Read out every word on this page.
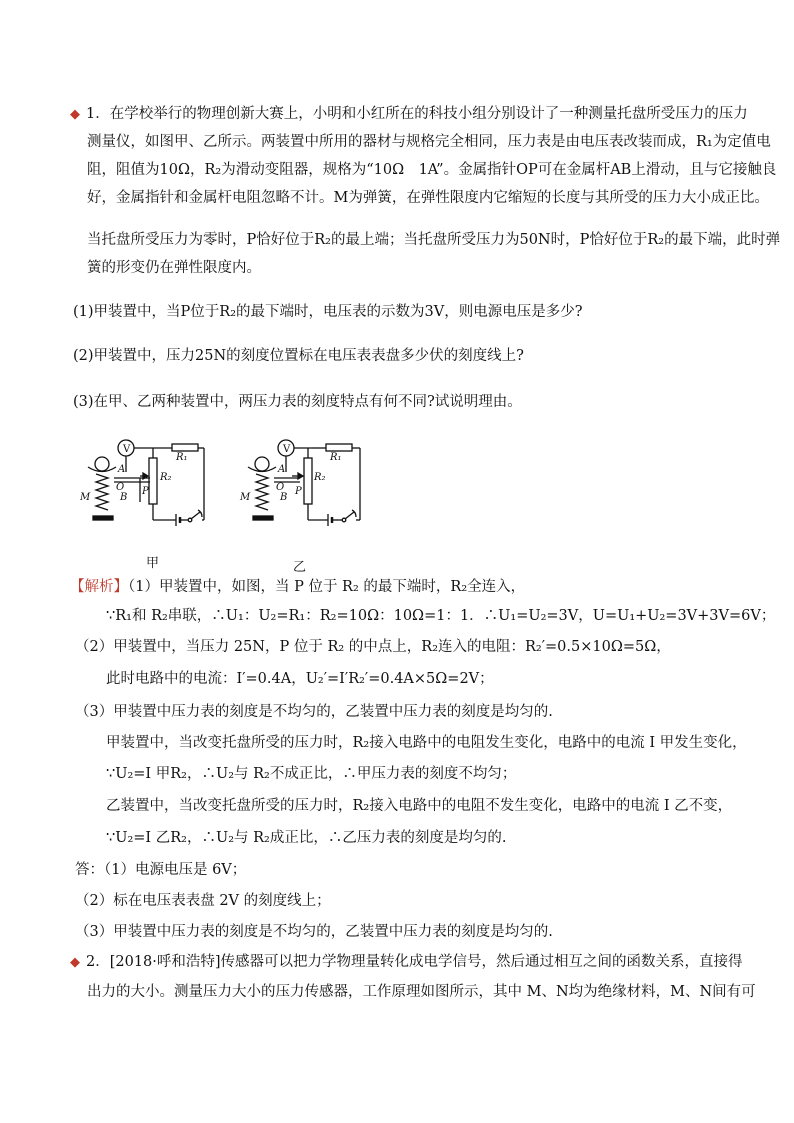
◆ 1．在学校举行的物理创新大赛上，小明和小红所在的科技小组分别设计了一种测量托盘所受压力的压力
测量仪，如图甲、乙所示。两装置中所用的器材与规格完全相同，压力表是由电压表改装而成，R₁为定值电
阻，阻值为10Ω，R₂为滑动变阻器，规格为“10Ω　1A”。金属指针OP可在金属杆AB上滑动，且与它接触良
好，金属指针和金属杆电阻忽略不计。M为弹簧，在弹性限度内它缩短的长度与其所受的压力大小成正比。
当托盘所受压力为零时，P恰好位于R₂的最上端；当托盘所受压力为50N时，P恰好位于R₂的最下端，此时弹
簧的形变仍在弹性限度内。
(1)甲装置中，当P位于R₂的最下端时，电压表的示数为3V，则电源电压是多少?
(2)甲装置中，压力25N的刻度位置标在电压表表盘多少伏的刻度线上?
(3)在甲、乙两种装置中，两压力表的刻度特点有何不同?试说明理由。
V
A
O
B
M
P
R₂
R₁
V
A
O
B
M
P
R₂
R₁
甲	乙
【解析】（1）甲装置中，如图，当 P 位于 R₂ 的最下端时，R₂全连入，
∵R₁和 R₂串联，∴U₁：U₂=R₁：R₂=10Ω：10Ω=1：1．∴U₁=U₂=3V，U=U₁+U₂=3V+3V=6V；
（2）甲装置中，当压力 25N，P 位于 R₂ 的中点上，R₂连入的电阻：R₂′=0.5×10Ω=5Ω，
此时电路中的电流：I′=0.4A，U₂′=I′R₂′=0.4A×5Ω=2V；
（3）甲装置中压力表的刻度是不均匀的，乙装置中压力表的刻度是均匀的.
甲装置中，当改变托盘所受的压力时，R₂接入电路中的电阻发生变化，电路中的电流 I 甲发生变化，
∵U₂=I 甲R₂，∴U₂与 R₂不成正比，∴甲压力表的刻度不均匀；
乙装置中，当改变托盘所受的压力时，R₂接入电路中的电阻不发生变化，电路中的电流 I 乙不变，
∵U₂=I 乙R₂，∴U₂与 R₂成正比，∴乙压力表的刻度是均匀的.
答：（1）电源电压是 6V；
（2）标在电压表表盘 2V 的刻度线上；
（3）甲装置中压力表的刻度是不均匀的，乙装置中压力表的刻度是均匀的.
◆ 2．[2018·呼和浩特]传感器可以把力学物理量转化成电学信号，然后通过相互之间的函数关系，直接得
出力的大小。测量压力大小的压力传感器，工作原理如图所示，其中 M、N均为绝缘材料，M、N间有可
